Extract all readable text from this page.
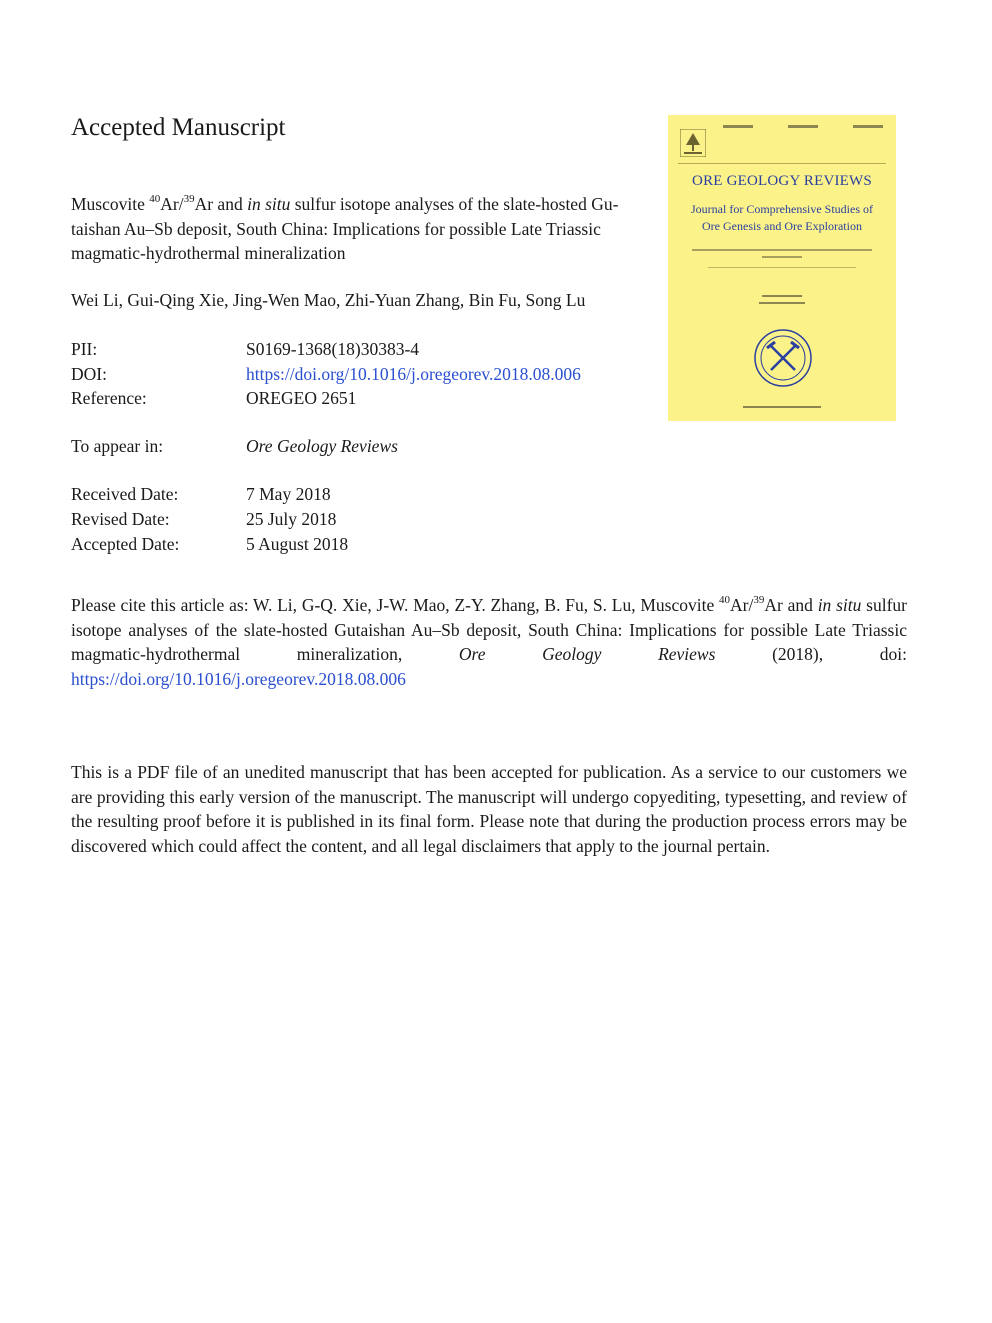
Accepted Manuscript

Muscovite $^{40}$Ar/$^{39}$Ar and in situ sulfur isotope analyses of the slate-hosted Gu-taishan Au–Sb deposit, South China: Implications for possible Late Triassic magmatic-hydrothermal mineralization

Wei Li, Gui-Qing Xie, Jing-Wen Mao, Zhi-Yuan Zhang, Bin Fu, Song Lu

PII:	S0169-1368(18)30383-4
DOI:	https://doi.org/10.1016/j.oregeorev.2018.08.006
Reference:	OREGEO 2651
To appear in:	Ore Geology Reviews
Received Date:	7 May 2018
Revised Date:	25 July 2018
Accepted Date:	5 August 2018

Please cite this article as: W. Li, G-Q. Xie, J-W. Mao, Z-Y. Zhang, B. Fu, S. Lu, Muscovite $^{40}$Ar/$^{39}$Ar and in situ sulfur isotope analyses of the slate-hosted Gutaishan Au–Sb deposit, South China: Implications for possible Late Triassic magmatic-hydrothermal mineralization, Ore Geology Reviews (2018), doi: https://doi.org/10.1016/j.oregeorev.2018.08.006

This is a PDF file of an unedited manuscript that has been accepted for publication. As a service to our customers we are providing this early version of the manuscript. The manuscript will undergo copyediting, typesetting, and review of the resulting proof before it is published in its final form. Please note that during the production process errors may be discovered which could affect the content, and all legal disclaimers that apply to the journal pertain.

ORE GEOLOGY REVIEWS
Journal for Comprehensive Studies of
Ore Genesis and Ore Exploration
